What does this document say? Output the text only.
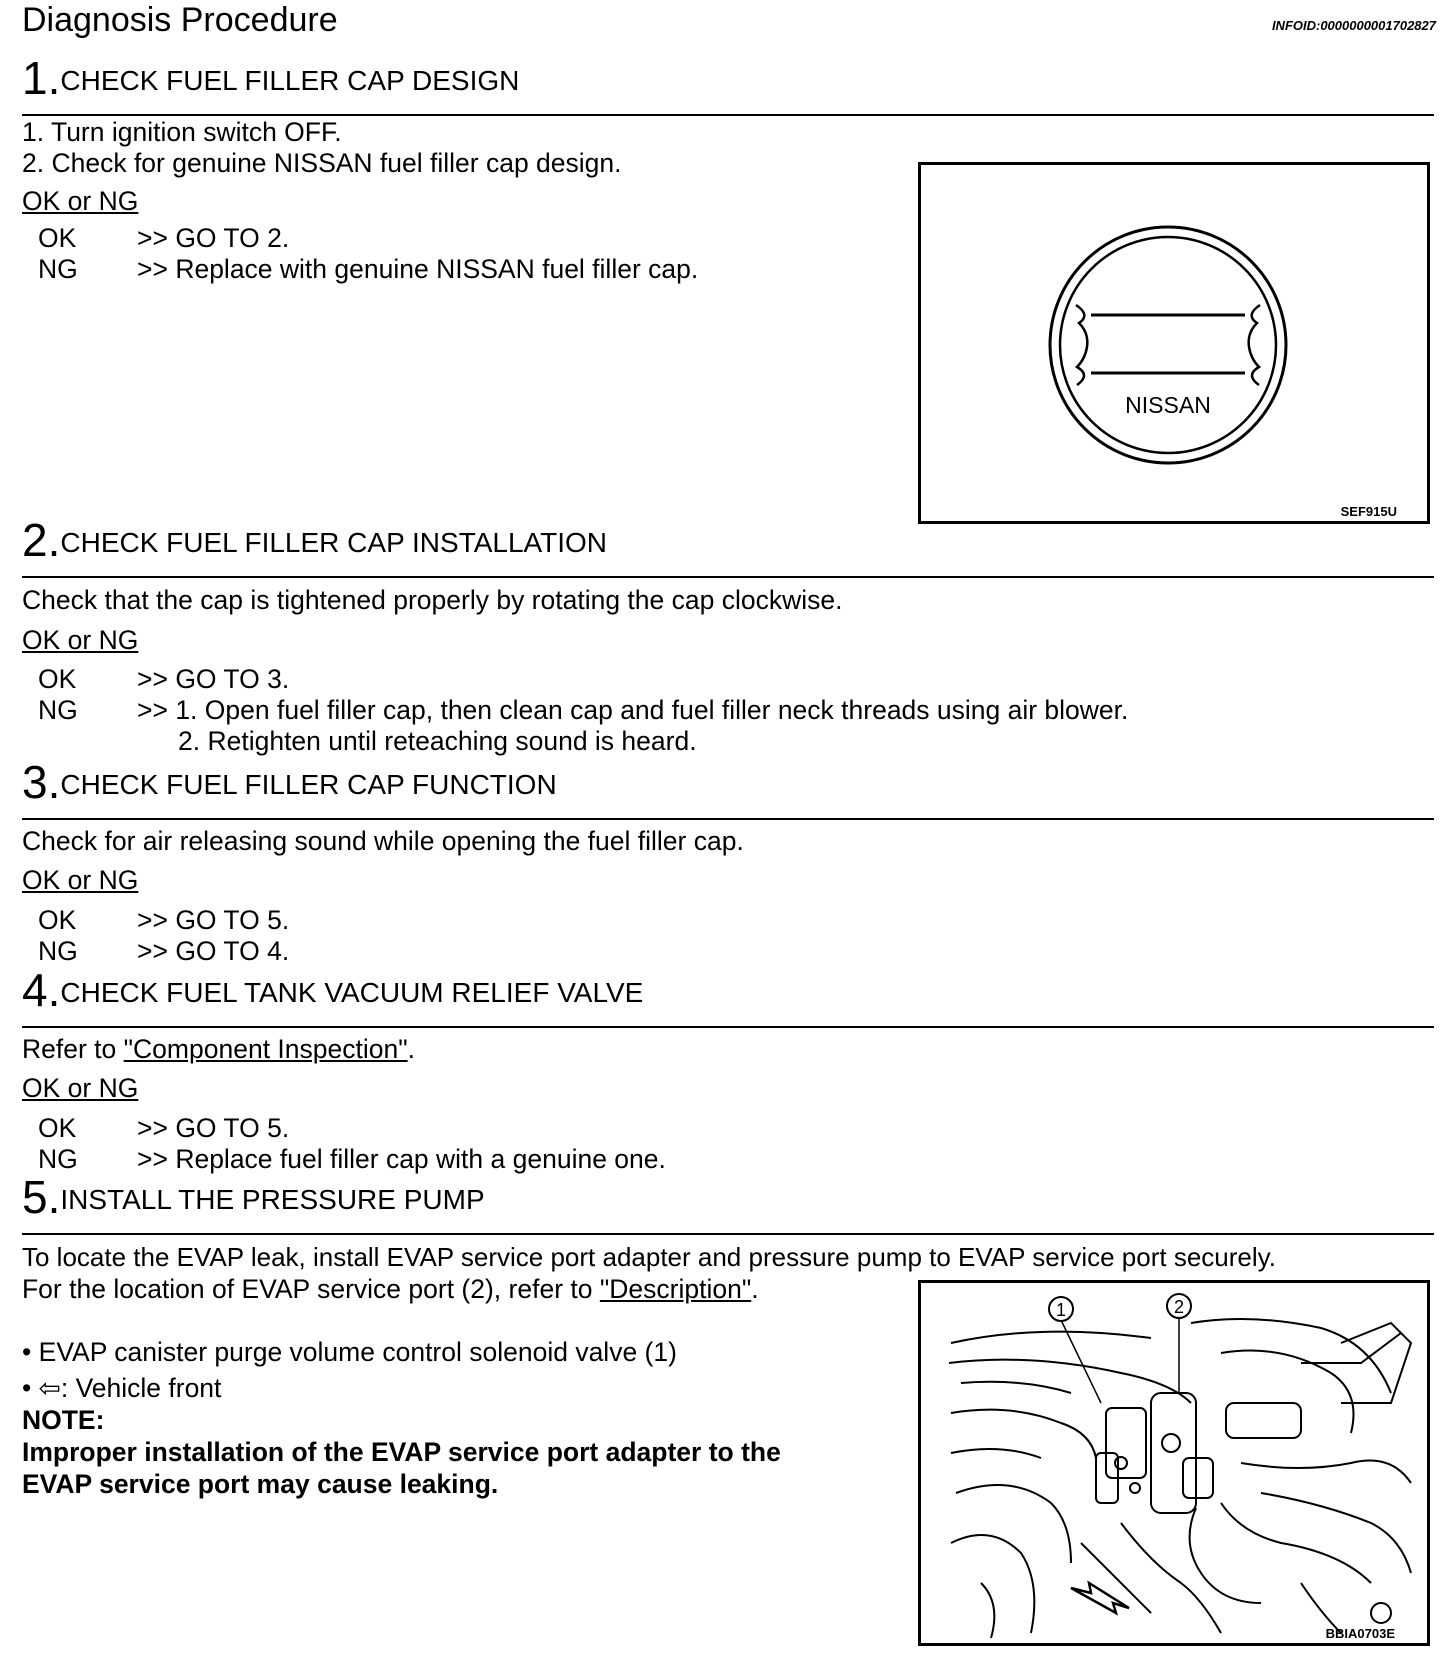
Diagnosis Procedure	INFOID:0000000001702827
1.CHECK FUEL FILLER CAP DESIGN
1. Turn ignition switch OFF.
2. Check for genuine NISSAN fuel filler cap design.
OK or NG
OK >> GO TO 2.
NG >> Replace with genuine NISSAN fuel filler cap.
NISSAN
SEF915U
2.CHECK FUEL FILLER CAP INSTALLATION
Check that the cap is tightened properly by rotating the cap clockwise.
OK or NG
OK >> GO TO 3.
NG >> 1. Open fuel filler cap, then clean cap and fuel filler neck threads using air blower.
2. Retighten until reteaching sound is heard.
3.CHECK FUEL FILLER CAP FUNCTION
Check for air releasing sound while opening the fuel filler cap.
OK or NG
OK >> GO TO 5.
NG >> GO TO 4.
4.CHECK FUEL TANK VACUUM RELIEF VALVE
Refer to "Component Inspection".
OK or NG
OK >> GO TO 5.
NG >> Replace fuel filler cap with a genuine one.
5.INSTALL THE PRESSURE PUMP
To locate the EVAP leak, install EVAP service port adapter and pressure pump to EVAP service port securely.
For the location of EVAP service port (2), refer to "Description".
• EVAP canister purge volume control solenoid valve (1)
• ⇦: Vehicle front
NOTE:
Improper installation of the EVAP service port adapter to the
EVAP service port may cause leaking.
1	2
BBIA0703E
